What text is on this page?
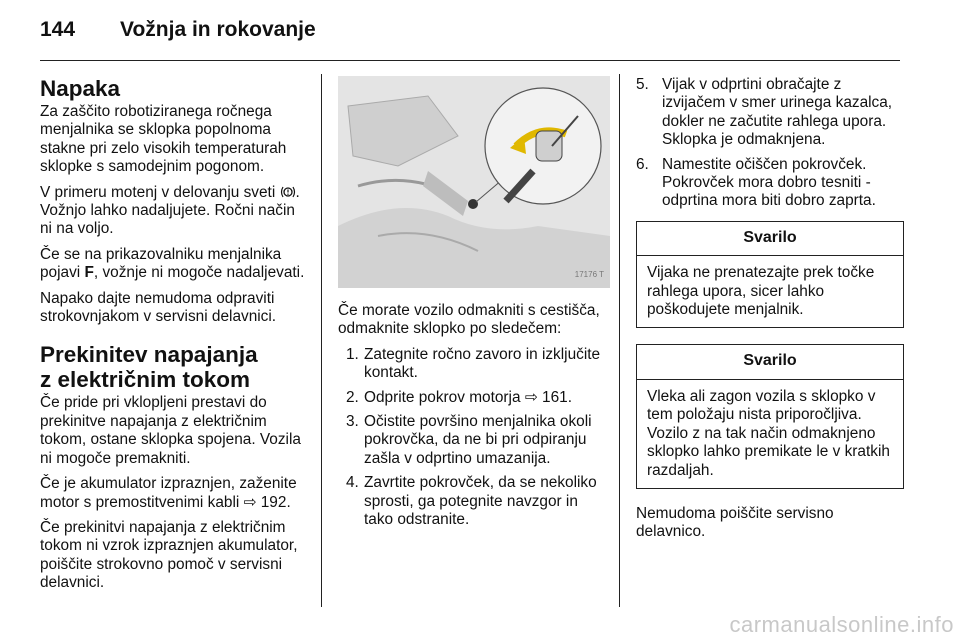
144 Vožnja in rokovanje
Napaka

Za zaščito robotiziranega ročnega menjalnika se sklopka popolnoma stakne pri zelo visokih temperaturah sklopke s samodejnim pogonom.

V primeru motenj v delovanju sveti . Vožnjo lahko nadaljujete. Ročni način ni na voljo.

Če se na prikazovalniku menjalnika pojavi F, vožnje ni mogoče nadaljevati.

Napako dajte nemudoma odpraviti strokovnjakom v servisni delavnici.

Prekinitev napajanja
z električnim tokom

Če pride pri vklopljeni prestavi do prekinitve napajanja z električnim tokom, ostane sklopka spojena. Vozila ni mogoče premakniti.

Če je akumulator izpraznjen, zaženite motor s premostitvenimi kabli ⇨ 192.

Če prekinitvi napajanja z električnim tokom ni vzrok izpraznjen akumulator, poiščite strokovno pomoč v servisni delavnici.

17176 T

Če morate vozilo odmakniti s cestišča, odmaknite sklopko po sledečem:

1. Zategnite ročno zavoro in izključite kontakt.
2. Odprite pokrov motorja ⇨ 161.
3. Očistite površino menjalnika okoli pokrovčka, da ne bi pri odpiranju zašla v odprtino umazanija.
4. Zavrtite pokrovček, da se nekoliko sprosti, ga potegnite navzgor in tako odstranite.
5. Vijak v odprtini obračajte z izvijačem v smer urinega kazalca, dokler ne začutite rahlega upora. Sklopka je odmaknjena.
6. Namestite očiščen pokrovček. Pokrovček mora dobro tesniti - odprtina mora biti dobro zaprta.
Svarilo
Vijaka ne prenatezajte prek točke rahlega upora, sicer lahko poškodujete menjalnik.
Svarilo
Vleka ali zagon vozila s sklopko v tem položaju nista priporočljiva. Vozilo z na tak način odmaknjeno sklopko lahko premikate le v kratkih razdaljah.

Nemudoma poiščite servisno delavnico.

carmanualsonline.info
